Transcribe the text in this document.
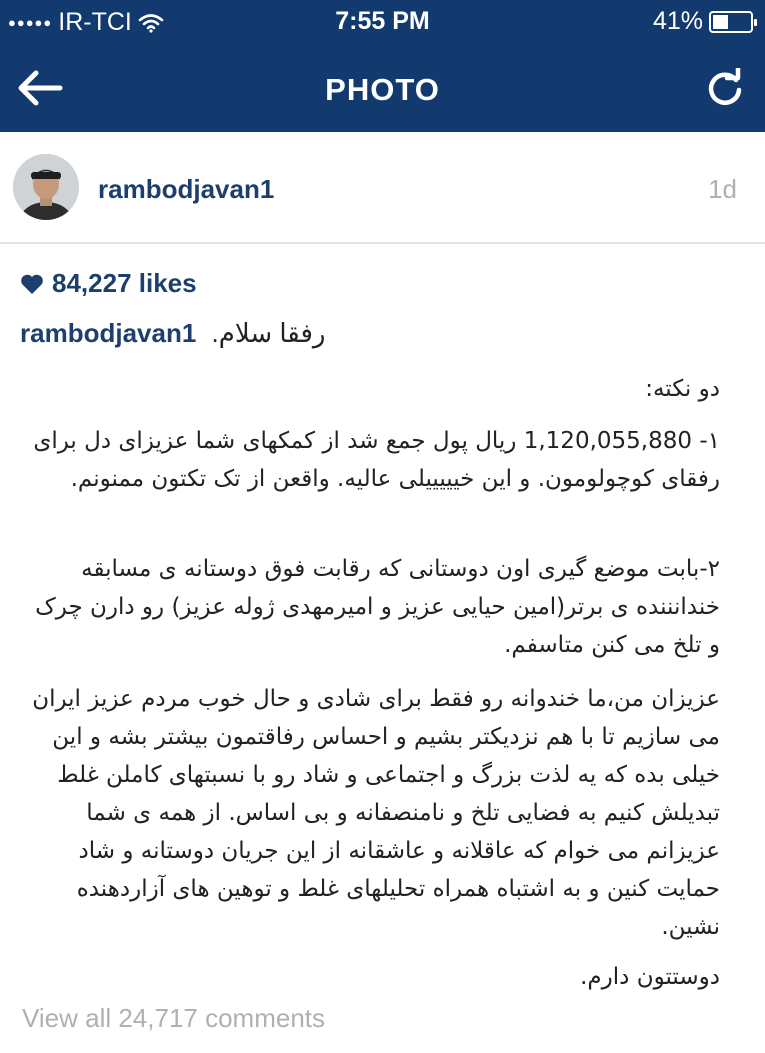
●●●●● IR-TCI	7:55 PM	41%
PHOTO
rambodjavan1	1d
84,227 likes
rambodjavan1 رفقا سلام.
دو نکته:
۱- 1,120,055,880 ریال پول جمع شد از کمکهای شما عزیزای دل برای رفقای کوچولومون. و این خیییییلی عالیه. واقعن از تک تکتون ممنونم.
۲-بابت موضع گیری اون دوستانی که رقابت فوق دوستانه ی مسابقه خندانننده ی برتر(امین حیایی عزیز و امیرمهدی ژوله عزیز) رو دارن چرک و تلخ می کنن متاسفم.
عزیزان من،ما خندوانه رو فقط برای شادی و حال خوب مردم عزیز ایران می سازیم تا با هم نزدیکتر بشیم و احساس رفاقتمون بیشتر بشه و این خیلی بده که یه لذت بزرگ و اجتماعی و شاد رو با نسبتهای کاملن غلط تبدیلش کنیم به فضایی تلخ و نامنصفانه و بی اساس. از همه ی شما عزیزانم می خوام که عاقلانه و عاشقانه از این جریان دوستانه و شاد حمایت کنین و به اشتباه همراه تحلیلهای غلط و توهین های آزاردهنده نشین.
دوستتون دارم.
View all 24,717 comments
